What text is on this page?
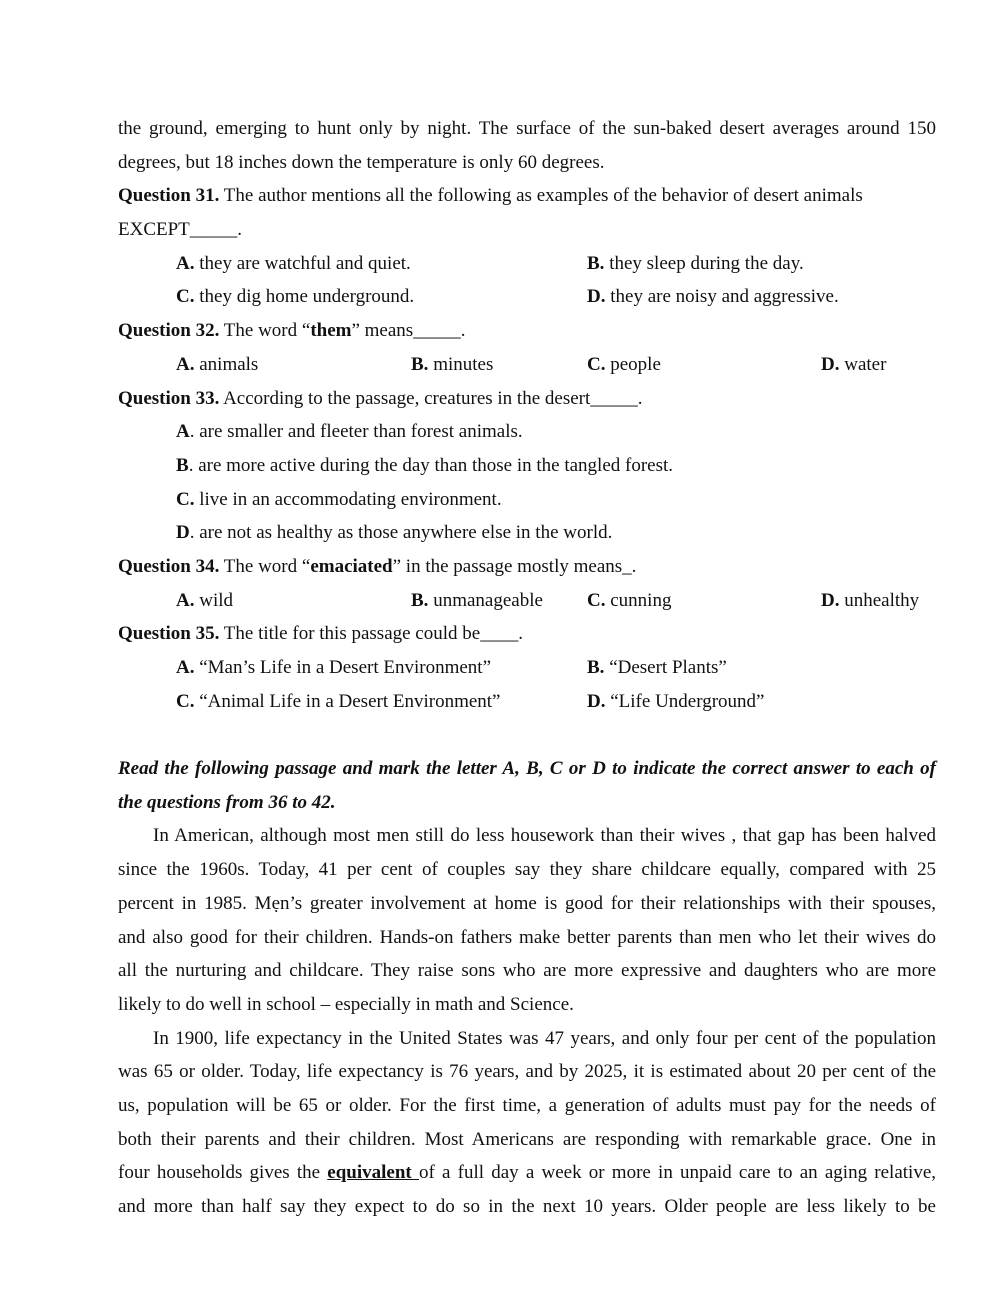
the ground, emerging to hunt only by night. The surface of the sun-baked desert averages around 150
degrees, but 18 inches down the temperature is only 60 degrees.
Question 31. The author mentions all the following as examples of the behavior of desert animals
EXCEPT_____.
A. they are watchful and quiet.	B. they sleep during the day.
C. they dig home underground.	D. they are noisy and aggressive.
Question 32. The word “them” means_____.
A. animals	B. minutes	C. people	D. water
Question 33. According to the passage, creatures in the desert_____.
A. are smaller and fleeter than forest animals.
B. are more active during the day than those in the tangled forest.
C. live in an accommodating environment.
D. are not as healthy as those anywhere else in the world.
Question 34. The word “emaciated” in the passage mostly means_.
A. wild	B. unmanageable C. cunning	D. unhealthy
Question 35. The title for this passage could be____.
A. “Man’s Life in a Desert Environment”	B. “Desert Plants”
C. “Animal Life in a Desert Environment”	D. “Life Underground”
Read the following passage and mark the letter A, B, C or D to indicate the correct answer to each of
the questions from 36 to 42.
In American, although most men still do less housework than their wives , that gap has been halved
since the 1960s. Today, 41 per cent of couples say they share childcare equally, compared with 25
percent in 1985. Mẹn’s greater involvement at home is good for their relationships with their spouses,
and also good for their children. Hands-on fathers make better parents than men who let their wives do
all the nurturing and childcare. They raise sons who are more expressive and daughters who are more
likely to do well in school – especially in math and Science.
In 1900, life expectancy in the United States was 47 years, and only four per cent of the population
was 65 or older. Today, life expectancy is 76 years, and by 2025, it is estimated about 20 per cent of the
us, population will be 65 or older. For the first time, a generation of adults must pay for the needs of
both their parents and their children. Most Americans are responding with remarkable grace. One in
four households gives the equivalent of a full day a week or more in unpaid care to an aging relative,
and more than half say they expect to do so in the next 10 years. Older people are less likely to be
